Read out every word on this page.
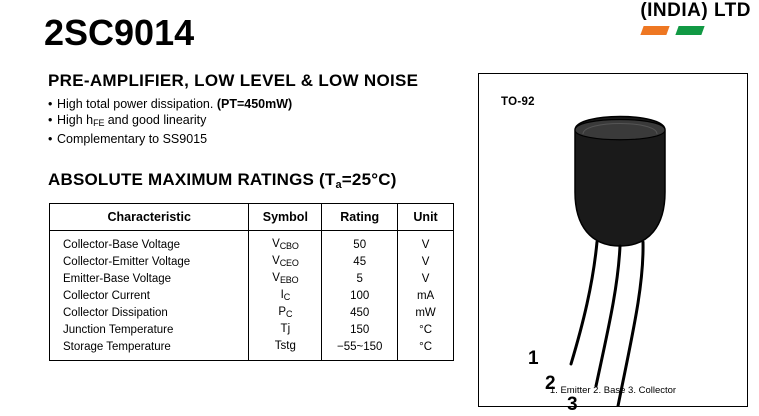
(INDIA) LTD
2SC9014
PRE-AMPLIFIER, LOW LEVEL & LOW NOISE
• High total power dissipation. (PT=450mW)
• High $h_{FE}$ and good linearity
• Complementary to SS9015
ABSOLUTE MAXIMUM RATINGS (Ta=25°C)
Characteristic	Symbol	Rating	Unit
Collector-Base Voltage	$V_{CBO}$	50	V
Collector-Emitter Voltage	$V_{CEO}$	45	V
Emitter-Base Voltage	$V_{EBO}$	5	V
Collector Current	$I_C$	100	mA
Collector Dissipation	$P_C$	450	mW
Junction Temperature	Tj	150	°C
Storage Temperature	Tstg	−55~150	°C
TO-92
1
2
3
1. Emitter 2. Base 3. Collector
